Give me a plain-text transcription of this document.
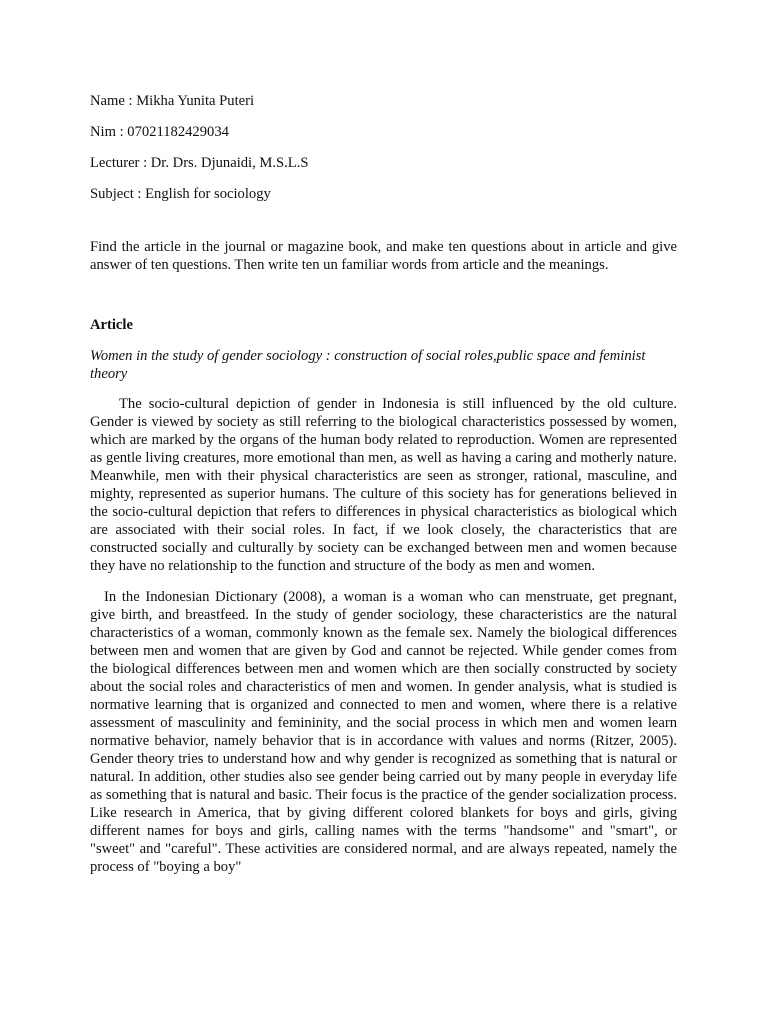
Name : Mikha Yunita Puteri
Nim : 07021182429034
Lecturer : Dr. Drs. Djunaidi, M.S.L.S
Subject : English for sociology

Find the article in the journal or magazine book, and make ten questions about in article and give answer of ten questions. Then write ten un familiar words from article and the meanings.

Article
Women in the study of gender sociology : construction of social roles,public space and feminist theory

The socio-cultural depiction of gender in Indonesia is still influenced by the old culture. Gender is viewed by society as still referring to the biological characteristics possessed by women, which are marked by the organs of the human body related to reproduction. Women are represented as gentle living creatures, more emotional than men, as well as having a caring and motherly nature. Meanwhile, men with their physical characteristics are seen as stronger, rational, masculine, and mighty, represented as superior humans. The culture of this society has for generations believed in the socio-cultural depiction that refers to differences in physical characteristics as biological which are associated with their social roles. In fact, if we look closely, the characteristics that are constructed socially and culturally by society can be exchanged between men and women because they have no relationship to the function and structure of the body as men and women.

In the Indonesian Dictionary (2008), a woman is a woman who can menstruate, get pregnant, give birth, and breastfeed. In the study of gender sociology, these characteristics are the natural characteristics of a woman, commonly known as the female sex. Namely the biological differences between men and women that are given by God and cannot be rejected. While gender comes from the biological differences between men and women which are then socially constructed by society about the social roles and characteristics of men and women. In gender analysis, what is studied is normative learning that is organized and connected to men and women, where there is a relative assessment of masculinity and femininity, and the social process in which men and women learn normative behavior, namely behavior that is in accordance with values and norms (Ritzer, 2005). Gender theory tries to understand how and why gender is recognized as something that is natural or natural. In addition, other studies also see gender being carried out by many people in everyday life as something that is natural and basic. Their focus is the practice of the gender socialization process. Like research in America, that by giving different colored blankets for boys and girls, giving different names for boys and girls, calling names with the terms "handsome" and "smart", or "sweet" and "careful". These activities are considered normal, and are always repeated, namely the process of "boying a boy"
